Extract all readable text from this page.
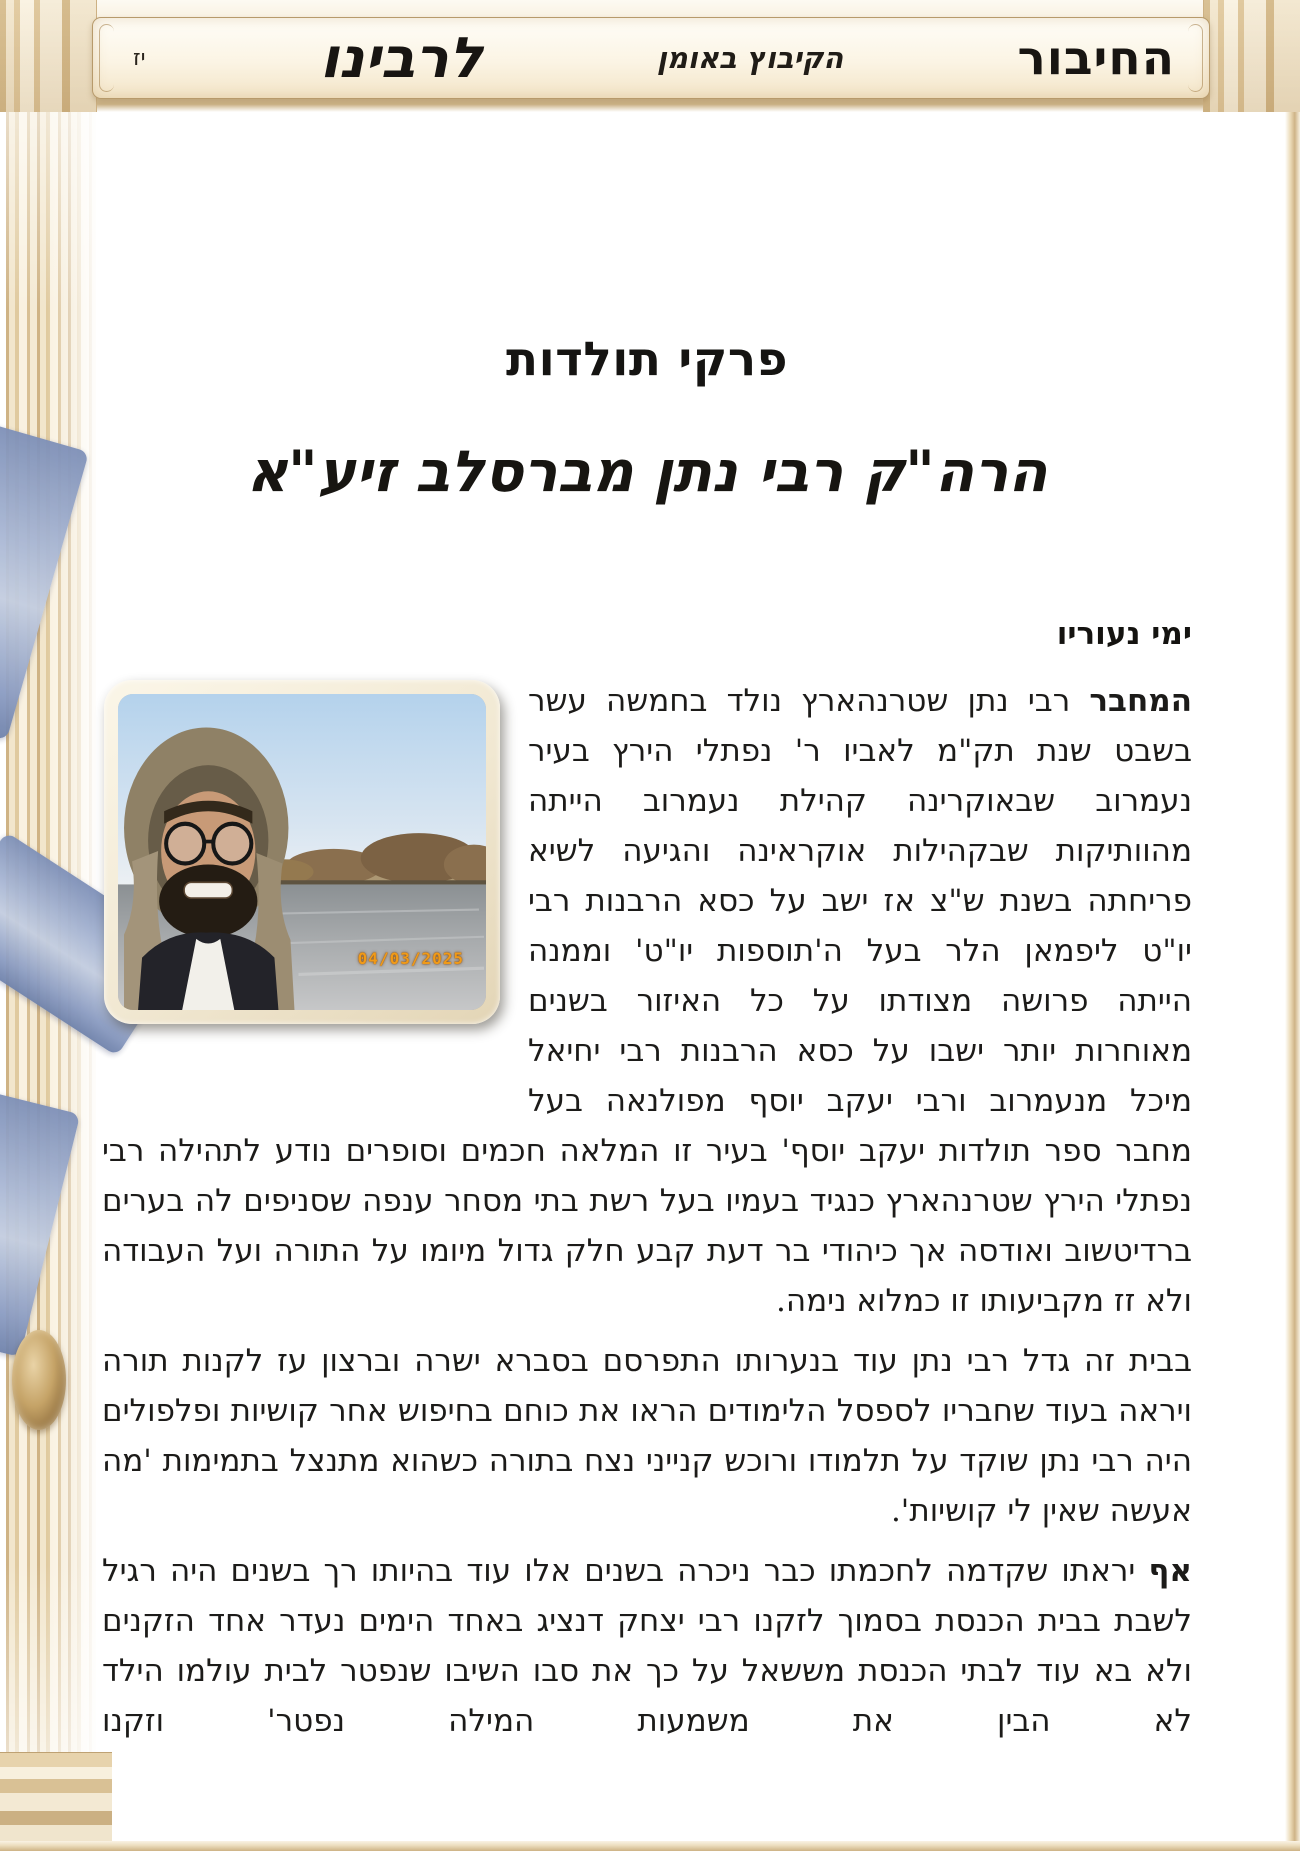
החיבור
הקיבוץ באומן
לרבינו
יז
פרקי תולדות
הרה"ק רבי נתן מברסלב זיע"א
ימי נעוריו

04/03/2025
המחבר רבי נתן שטרנהארץ נולד בחמשה עשר בשבט שנת תק"מ לאביו ר' נפתלי הירץ בעיר נעמרוב שבאוקרינה קהילת נעמרוב הייתה מהוותיקות שבקהילות אוקראינה והגיעה לשיא פריחתה בשנת ש"צ אז ישב על כסא הרבנות רבי יו"ט ליפמאן הלר בעל ה'תוספות יו"ט' וממנה הייתה פרושה מצודתו על כל האיזור בשנים מאוחרות יותר ישבו על כסא הרבנות רבי יחיאל מיכל מנעמרוב ורבי יעקב יוסף מפולנאה בעל מחבר ספר תולדות יעקב יוסף' בעיר זו המלאה חכמים וסופרים נודע לתהילה רבי נפתלי הירץ שטרנהארץ כנגיד בעמיו בעל רשת בתי מסחר ענפה שסניפים לה בערים ברדיטשוב ואודסה אך כיהודי בר דעת קבע חלק גדול מיומו על התורה ועל העבודה ולא זז מקביעותו זו כמלוא נימה.

בבית זה גדל רבי נתן עוד בנערותו התפרסם בסברא ישרה וברצון עז לקנות תורה ויראה בעוד שחבריו לספסל הלימודים הראו את כוחם בחיפוש אחר קושיות ופלפולים היה רבי נתן שוקד על תלמודו ורוכש קנייני נצח בתורה כשהוא מתנצל בתמימות 'מה אעשה שאין לי קושיות'.

אף יראתו שקדמה לחכמתו כבר ניכרה בשנים אלו עוד בהיותו רך בשנים היה רגיל לשבת בבית הכנסת בסמוך לזקנו רבי יצחק דנציג באחד הימים נעדר אחד הזקנים ולא בא עוד לבתי הכנסת מששאל על כך את סבו השיבו שנפטר לבית עולמו הילד לא הבין את משמעות המילה נפטר' וזקנו
